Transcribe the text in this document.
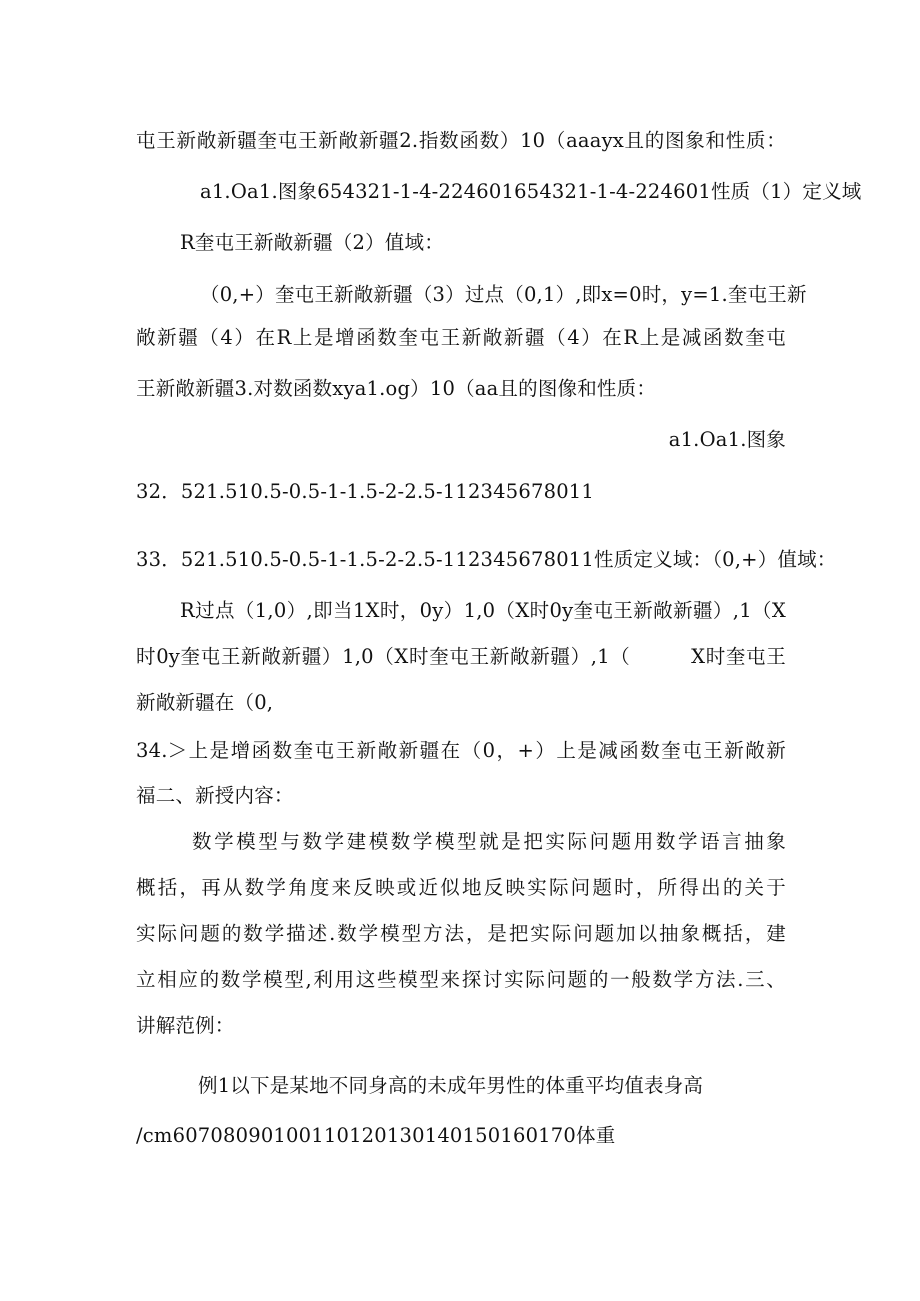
屯王新敞新疆奎屯王新敞新疆2.指数函数）10（aaayx且的图象和性质：
a1.Oa1.图象654321-1-4-224601654321-1-4-224601性质（1）定义域
R奎屯王新敞新疆（2）值域：
（0,+）奎屯王新敞新疆（3）过点（0,1）,即x=0时，y=1.奎屯王新
敞新疆（4）在R上是增函数奎屯王新敞新疆（4）在R上是减函数奎屯
王新敞新疆3.对数函数xya1.og）10（aa且的图像和性质：
a1.Oa1.图象
32．521.510.5-0.5-1-1.5-2-2.5-112345678011
33．521.510.5-0.5-1-1.5-2-2.5-112345678011性质定义域：（0,+）值域：
R过点（1,0）,即当1X时，0y）1,0（X时0y奎屯王新敞新疆）,1（X
时0y奎屯王新敞新疆）1,0（X时奎屯王新敞新疆）,1（　　　X时奎屯王
新敞新疆在（0,
34.＞上是增函数奎屯王新敞新疆在（0，+）上是减函数奎屯王新敞新
福二、新授内容：
数学模型与数学建模数学模型就是把实际问题用数学语言抽象
概括，再从数学角度来反映或近似地反映实际问题时，所得出的关于
实际问题的数学描述.数学模型方法，是把实际问题加以抽象概括，建
立相应的数学模型,利用这些模型来探讨实际问题的一般数学方法.三、
讲解范例：
例1以下是某地不同身高的未成年男性的体重平均值表身高
/cm60708090100110120130140150160170体重
